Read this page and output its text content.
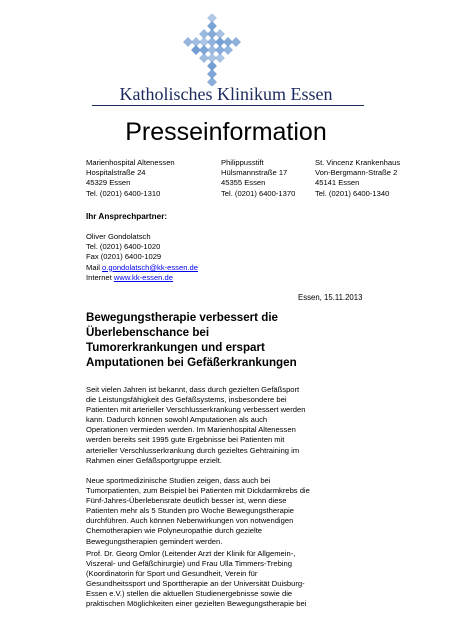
Katholisches Klinikum Essen
Presseinformation
Marienhospital Altenessen
Hospitalstraße 24
45329 Essen
Tel. (0201) 6400-1310
Philippusstift
Hülsmannstraße 17
45355 Essen
Tel. (0201) 6400-1370
St. Vincenz Krankenhaus
Von-Bergmann-Straße 2
45141 Essen
Tel. (0201) 6400-1340
Ihr Ansprechpartner:
Oliver Gondolatsch
Tel. (0201) 6400-1020
Fax (0201) 6400-1029
Mail o.gondolatsch@kk-essen.de
Internet www.kk-essen.de
Essen, 15.11.2013
Bewegungstherapie verbessert die
Überlebenschance bei
Tumorerkrankungen und erspart
Amputationen bei Gefäßerkrankungen
Seit vielen Jahren ist bekannt, dass durch gezielten Gefäßsport
die Leistungsfähigkeit des Gefäßsystems, insbesondere bei
Patienten mit arterieller Verschlusserkrankung verbessert werden
kann. Dadurch können sowohl Amputationen als auch
Operationen vermieden werden. Im Marienhospital Altenessen
werden bereits seit 1995 gute Ergebnisse bei Patienten mit
arterieller Verschlusserkrankung durch gezieltes Gehtraining im
Rahmen einer Gefäßsportgruppe erzielt.
Neue sportmedizinische Studien zeigen, dass auch bei
Tumorpatienten, zum Beispiel bei Patienten mit Dickdarmkrebs die
Fünf-Jahres-Überlebensrate deutlich besser ist, wenn diese
Patienten mehr als 5 Stunden pro Woche Bewegungstherapie
durchführen. Auch können Nebenwirkungen von notwendigen
Chemotherapien wie Polyneuropathie durch gezielte
Bewegungstherapien gemindert werden.
Prof. Dr. Georg Omlor (Leitender Arzt der Klinik für Allgemein-,
Viszeral- und Gefäßchirurgie) und Frau Ulla Timmers-Trebing
(Koordinatorin für Sport und Gesundheit, Verein für
Gesundheitssport und Sporttherapie an der Universität Duisburg-
Essen e.V.) stellen die aktuellen Studienergebnisse sowie die
praktischen Möglichkeiten einer gezielten Bewegungstherapie bei
